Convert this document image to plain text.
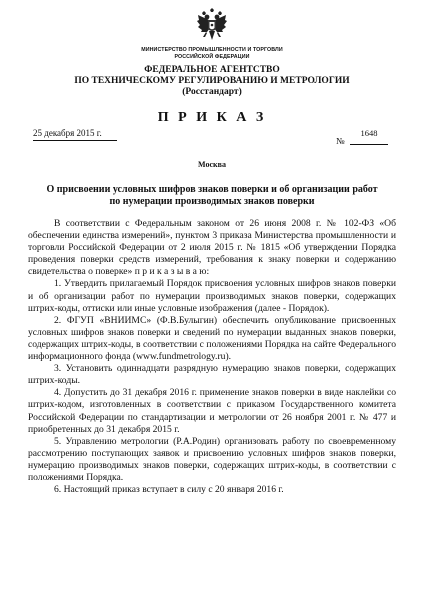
МИНИСТЕРСТВО ПРОМЫШЛЕННОСТИ И ТОРГОВЛИ
РОССИЙСКОЙ ФЕДЕРАЦИИ
ФЕДЕРАЛЬНОЕ АГЕНТСТВО
ПО ТЕХНИЧЕСКОМУ РЕГУЛИРОВАНИЮ И МЕТРОЛОГИИ
(Росстандарт)
П Р И К А З
25 декабря 2015 г.
№
1648
Москва
О присвоении условных шифров знаков поверки и об организации работ
по нумерации производимых знаков поверки

В соответствии с Федеральным законом от 26 июня 2008 г. № 102-ФЗ «Об обеспечении единства измерений», пунктом 3 приказа Министерства промышленности и торговли Российской Федерации от 2 июля 2015 г. № 1815 «Об утверждении Порядка проведения поверки средств измерений, требования к знаку поверки и содержанию свидетельства о поверке» п р и к а з ы в а ю:

1. Утвердить прилагаемый Порядок присвоения условных шифров знаков поверки и об организации работ по нумерации производимых знаков поверки, содержащих штрих-коды, оттиски или иные условные изображения (далее - Порядок).

2. ФГУП «ВНИИМС» (Ф.В.Булыгин) обеспечить опубликование присвоенных условных шифров знаков поверки и сведений по нумерации выданных знаков поверки, содержащих штрих-коды, в соответствии с положениями Порядка на сайте Федерального информационного фонда (www.fundmetrology.ru).

3. Установить одиннадцати разрядную нумерацию знаков поверки, содержащих штрих-коды.

4. Допустить до 31 декабря 2016 г. применение знаков поверки в виде наклейки со штрих-кодом, изготовленных в соответствии с приказом Государственного комитета Российской Федерации по стандартизации и метрологии от 26 ноября 2001 г. № 477 и приобретенных до 31 декабря 2015 г.

5. Управлению метрологии (Р.А.Родин) организовать работу по своевременному рассмотрению поступающих заявок и присвоению условных шифров знаков поверки, нумерацию производимых знаков поверки, содержащих штрих-коды, в соответствии с положениями Порядка.

6. Настоящий приказ вступает в силу с 20 января 2016 г.
